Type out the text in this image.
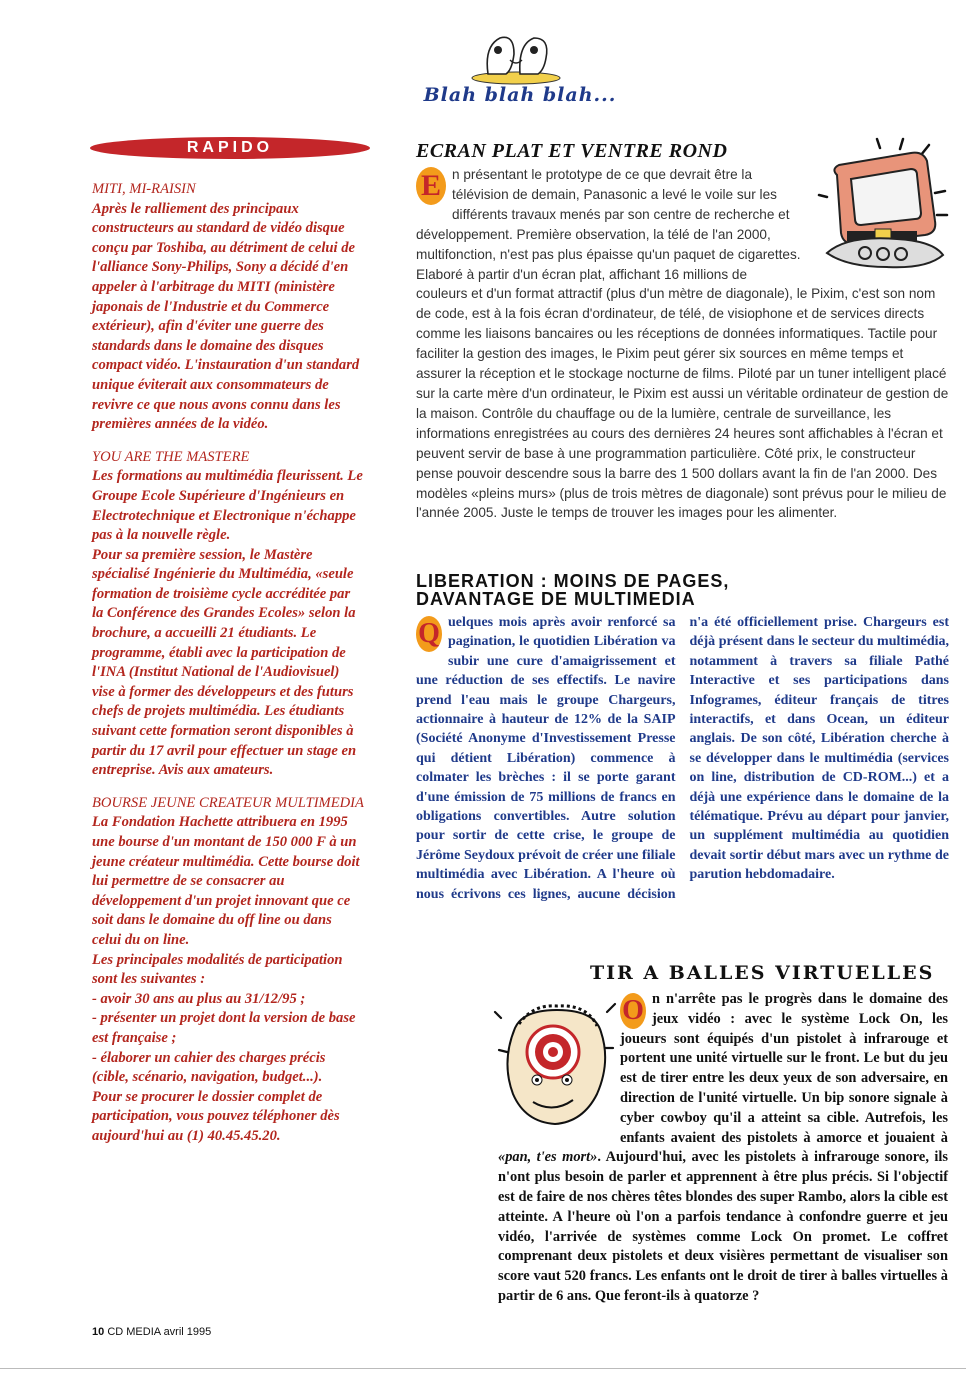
Blah blah blah...
RAPIDO

MITI, MI-RAISIN

Après le ralliement des principaux constructeurs au standard de vidéo disque conçu par Toshiba, au détriment de celui de l'alliance Sony-Philips, Sony a décidé d'en appeler à l'arbitrage du MITI (ministère japonais de l'Industrie et du Commerce extérieur), afin d'éviter une guerre des standards dans le domaine des disques compact vidéo. L'instauration d'un standard unique éviterait aux consommateurs de revivre ce que nous avons connu dans les premières années de la vidéo.

YOU ARE THE MASTERE

Les formations au multimédia fleurissent. Le Groupe Ecole Supérieure d'Ingénieurs en Electrotechnique et Electronique n'échappe pas à la nouvelle règle.

Pour sa première session, le Mastère spécialisé Ingénierie du Multimédia, «seule formation de troisième cycle accréditée par la Conférence des Grandes Ecoles» selon la brochure, a accueilli 21 étudiants. Le programme, établi avec la participation de l'INA (Institut National de l'Audiovisuel) vise à former des développeurs et des futurs chefs de projets multimédia. Les étudiants suivant cette formation seront disponibles à partir du 17 avril pour effectuer un stage en entreprise. Avis aux amateurs.

BOURSE JEUNE CREATEUR MULTIMEDIA

La Fondation Hachette attribuera en 1995 une bourse d'un montant de 150 000 F à un jeune créateur multimédia. Cette bourse doit lui permettre de se consacrer au développement d'un projet innovant que ce soit dans le domaine du off line ou dans celui du on line.

Les principales modalités de participation sont les suivantes :

- avoir 30 ans au plus au 31/12/95 ;

- présenter un projet dont la version de base est française ;

- élaborer un cahier des charges précis (cible, scénario, navigation, budget...).

Pour se procurer le dossier complet de participation, vous pouvez téléphoner dès aujourd'hui au (1) 40.45.45.20.

ECRAN PLAT ET VENTRE ROND
E n présentant le prototype de ce que devrait être la télévision de demain, Panasonic a levé le voile sur les différents travaux menés par son centre de recherche et développement. Première observation, la télé de l'an 2000, multifonction, n'est pas plus épaisse qu'un paquet de cigarettes. Elaboré à partir d'un écran plat, affichant 16 millions de couleurs et d'un format attractif (plus d'un mètre de diagonale), le Pixim, c'est son nom de code, est à la fois écran d'ordinateur, de télé, de visiophone et de services directs comme les liaisons bancaires ou les réceptions de données informatiques. Tactile pour faciliter la gestion des images, le Pixim peut gérer six sources en même temps et assurer la réception et le stockage nocturne de films. Piloté par un tuner intelligent placé sur la carte mère d'un ordinateur, le Pixim est aussi un véritable ordinateur de gestion de la maison. Contrôle du chauffage ou de la lumière, centrale de surveillance, les informations enregistrées au cours des dernières 24 heures sont affichables à l'écran et peuvent servir de base à une programmation particulière. Côté prix, le constructeur pense pouvoir descendre sous la barre des 1 500 dollars avant la fin de l'an 2000. Des modèles «pleins murs» (plus de trois mètres de diagonale) sont prévus pour le milieu de l'année 2005. Juste le temps de trouver les images pour les alimenter.
LIBERATION : MOINS DE PAGES, DAVANTAGE DE MULTIMEDIA
Q uelques mois après avoir renforcé sa pagination, le quotidien Libération va subir une cure d'amaigrissement et une réduction de ses effectifs. Le navire prend l'eau mais le groupe Chargeurs, actionnaire à hauteur de 12% de la SAIP (Société Anonyme d'Investissement Presse qui détient Libération) commence à colmater les brèches : il se porte garant d'une émission de 75 millions de francs en obligations convertibles. Autre solution pour sortir de cette crise, le groupe de Jérôme Seydoux prévoit de créer une filiale multimédia avec Libération. A l'heure où nous écrivons ces lignes, aucune décision n'a été officiellement prise. Chargeurs est déjà présent dans le secteur du multimédia, notamment à travers sa filiale Pathé Interactive et ses participations dans Infogrames, éditeur français de titres interactifs, et dans Ocean, un éditeur anglais. De son côté, Libération cherche à se développer dans le multimédia (services on line, distribution de CD-ROM...) et a déjà une expérience dans le domaine de la télématique. Prévu au départ pour janvier, un supplément multimédia au quotidien devait sortir début mars avec un rythme de parution hebdomadaire.
TIR A BALLES VIRTUELLES
O n n'arrête pas le progrès dans le domaine des jeux vidéo : avec le système Lock On, les joueurs sont équipés d'un pistolet à infrarouge et portent une unité virtuelle sur le front. Le but du jeu est de tirer entre les deux yeux de son adversaire, en direction de l'unité virtuelle. Un bip sonore signale à cyber cowboy qu'il a atteint sa cible. Autrefois, les enfants avaient des pistolets à amorce et jouaient à «pan, t'es mort». Aujourd'hui, avec les pistolets à infrarouge sonore, ils n'ont plus besoin de parler et apprennent à être plus précis. Si l'objectif est de faire de nos chères têtes blondes des super Rambo, alors la cible est atteinte. A l'heure où l'on a parfois tendance à confondre guerre et jeu vidéo, l'arrivée de systèmes comme Lock On promet. Le coffret comprenant deux pistolets et deux visières permettant de visualiser son score vaut 520 francs. Les enfants ont le droit de tirer à balles virtuelles à partir de 6 ans. Que feront-ils à quatorze ?
10 CD MEDIA avril 1995
